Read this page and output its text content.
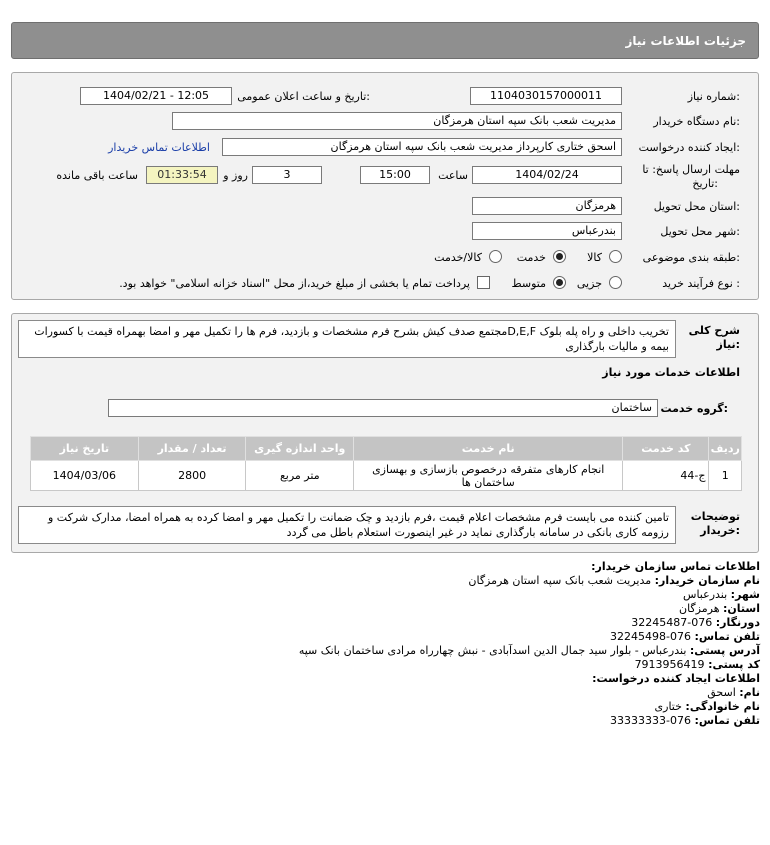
جزئیات اطلاعات نیاز
شماره نیاز:
1104030157000011
تاریخ و ساعت اعلان عمومی:
1404/02/21 - 12:05
نام دستگاه خریدار:
مدیریت شعب بانک سپه استان هرمزگان
ایجاد کننده درخواست:
اسحق ختاری کارپرداز مدیریت شعب بانک سپه استان هرمزگان
اطلاعات تماس خریدار
مهلت ارسال پاسخ: تا
تاریخ:
1404/02/24
ساعت
15:00
3
روز و
01:33:54
ساعت باقی مانده
استان محل تحویل:
هرمزگان
شهر محل تحویل:
بندرعباس
طبقه بندی موضوعی:
کالا
خدمت
کالا/خدمت
نوع فرآیند خرید :
جزیی
متوسط
پرداخت تمام یا بخشی از مبلغ خرید،از محل "اسناد خزانه اسلامی" خواهد بود.
شرح کلی
نیاز:
تخریب داخلی و راه پله بلوک D,E,Fمجتمع صدف کیش بشرح فرم مشخصات و بازدید، فرم ها را تکمیل مهر و امضا بهمراه قیمت با کسورات بیمه و مالیات بارگذاری
اطلاعات خدمات مورد نیاز
گروه خدمت:
ساختمان
ردیف	کد خدمت	نام خدمت	واحد اندازه گیری	تعداد / مقدار	تاریخ نیاز
1	ج-44	انجام کارهای متفرقه درخصوص بازسازی و بهسازی ساختمان ها	متر مربع	2800	1404/03/06
توضیحات
خریدار:
تامین کننده می بایست فرم مشخصات اعلام قیمت ،فرم بازدید و چک ضمانت را تکمیل مهر و امضا کرده به همراه امضا، مدارک شرکت و رزومه کاری بانکی در سامانه بارگذاری نماید در غیر اینصورت استعلام باطل می گردد
اطلاعات تماس سازمان خریدار:
نام سازمان خریدار: مدیریت شعب بانک سپه استان هرمزگان
شهر: بندرعباس
استان: هرمزگان
دورنگار: 076-32245487
تلفن تماس: 076-32245498
آدرس پستی: بندرعباس - بلوار سید جمال الدین اسدآبادی - نبش چهارراه مرادی ساختمان بانک سپه
کد پستی: 7913956419
اطلاعات ایجاد کننده درخواست:
نام: اسحق
نام خانوادگی: ختاری
تلفن تماس: 076-33333333
